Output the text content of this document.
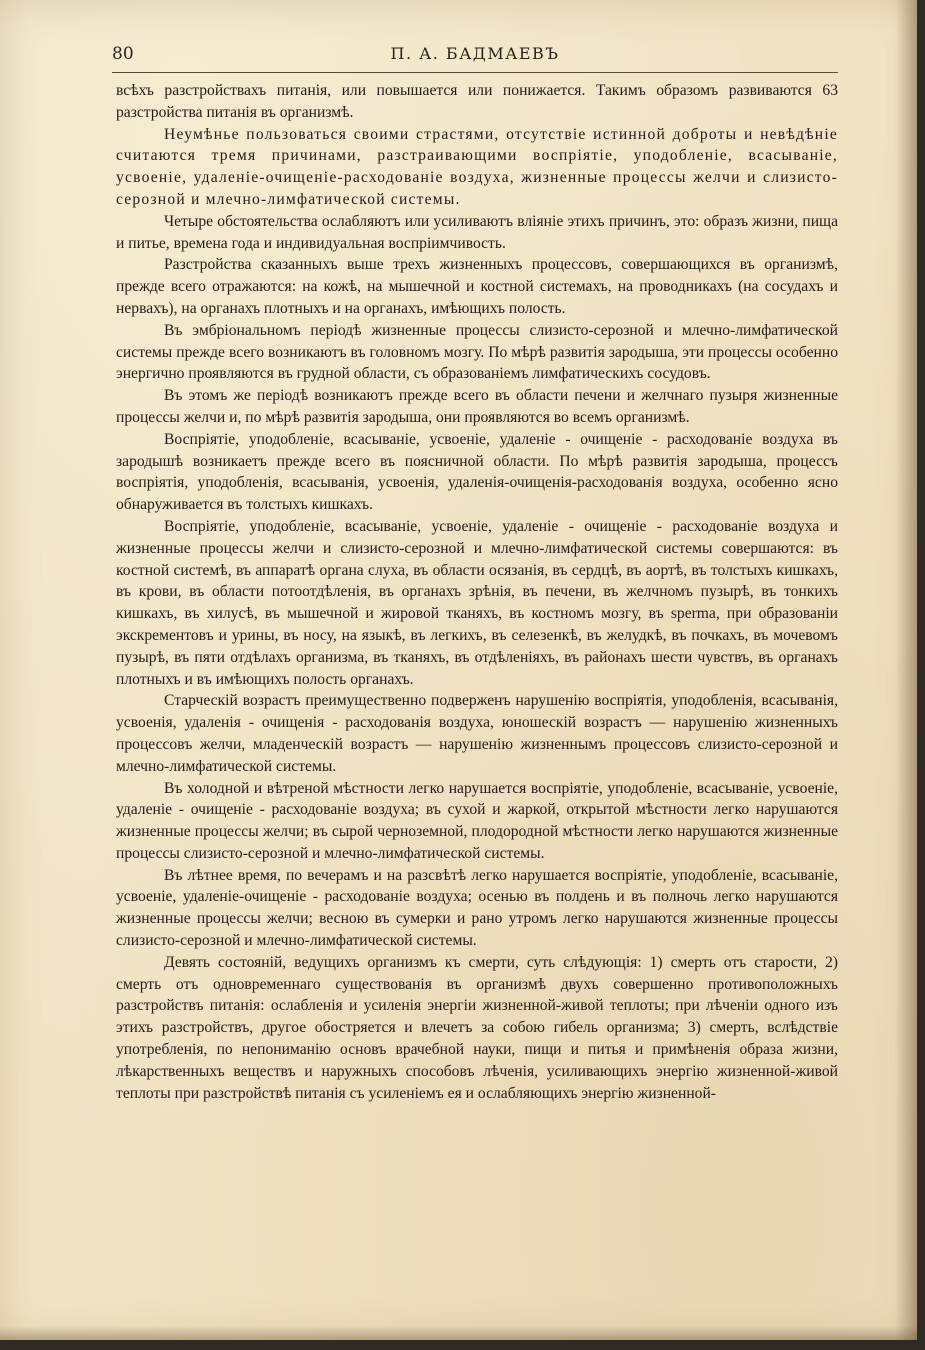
80	П. А. БАДМАЕВЪ

всѣхъ разстройствахъ питанія, или повышается или понижается. Такимъ образомъ развиваются 63 разстройства питанія въ организмѣ.

Неумѣнье пользоваться своими страстями, отсутствіе истинной доброты и невѣдѣніе считаются тремя причинами, разстраивающими воспріятіе, уподобленіе, всасываніе, усвоеніе, удаленіе-очищеніе-расходованіе воздуха, жизненные процессы желчи и слизисто-серозной и млечно-лимфатической системы.

Четыре обстоятельства ослабляютъ или усиливаютъ вліяніе этихъ причинъ, это: образъ жизни, пища и питье, времена года и индивидуальная воспріимчивость.

Разстройства сказанныхъ выше трехъ жизненныхъ процессовъ, совершающихся въ организмѣ, прежде всего отражаются: на кожѣ, на мышечной и костной системахъ, на проводникахъ (на сосудахъ и нервахъ), на органахъ плотныхъ и на органахъ, имѣющихъ полость.

Въ эмбріональномъ періодѣ жизненные процессы слизисто-серозной и млечно-лимфатической системы прежде всего возникаютъ въ головномъ мозгу. По мѣрѣ развитія зародыша, эти процессы особенно энергично проявляются въ грудной области, съ образованіемъ лимфатическихъ сосудовъ.

Въ этомъ же періодѣ возникаютъ прежде всего въ области печени и желчнаго пузыря жизненные процессы желчи и, по мѣрѣ развитія зародыша, они проявляются во всемъ организмѣ.

Воспріятіе, уподобленіе, всасываніе, усвоеніе, удаленіе - очищеніе - расходованіе воздуха въ зародышѣ возникаетъ прежде всего въ поясничной области. По мѣрѣ развитія зародыша, процессъ воспріятія, уподобленія, всасыванія, усвоенія, удаленія-очищенія-расходованія воздуха, особенно ясно обнаруживается въ толстыхъ кишкахъ.

Воспріятіе, уподобленіе, всасываніе, усвоеніе, удаленіе - очищеніе - расходованіе воздуха и жизненные процессы желчи и слизисто-серозной и млечно-лимфатической системы совершаются: въ костной системѣ, въ аппаратѣ органа слуха, въ области осязанія, въ сердцѣ, въ аортѣ, въ толстыхъ кишкахъ, въ крови, въ области потоотдѣленія, въ органахъ зрѣнія, въ печени, въ желчномъ пузырѣ, въ тонкихъ кишкахъ, въ хилусѣ, въ мышечной и жировой тканяхъ, въ костномъ мозгу, въ sperma, при образованіи экскрементовъ и урины, въ носу, на языкѣ, въ легкихъ, въ селезенкѣ, въ желудкѣ, въ почкахъ, въ мочевомъ пузырѣ, въ пяти отдѣлахъ организма, въ тканяхъ, въ отдѣленіяхъ, въ районахъ шести чувствъ, въ органахъ плотныхъ и въ имѣющихъ полость органахъ.

Старческій возрастъ преимущественно подверженъ нарушенію воспріятія, уподобленія, всасыванія, усвоенія, удаленія - очищенія - расходованія воздуха, юношескій возрастъ — нарушенію жизненныхъ процессовъ желчи, младенческій возрастъ — нарушенію жизненнымъ процессовъ слизисто-серозной и млечно-лимфатической системы.

Въ холодной и вѣтреной мѣстности легко нарушается воспріятіе, уподобленіе, всасываніе, усвоеніе, удаленіе - очищеніе - расходованіе воздуха; въ сухой и жаркой, открытой мѣстности легко нарушаются жизненные процессы желчи; въ сырой черноземной, плодородной мѣстности легко нарушаются жизненные процессы слизисто-серозной и млечно-лимфатической системы.

Въ лѣтнее время, по вечерамъ и на разсвѣтѣ легко нарушается воспріятіе, уподобленіе, всасываніе, усвоеніе, удаленіе-очищеніе - расходованіе воздуха; осенью въ полдень и въ полночь легко нарушаются жизненные процессы желчи; весною въ сумерки и рано утромъ легко нарушаются жизненные процессы слизисто-серозной и млечно-лимфатической системы.

Девять состояній, ведущихъ организмъ къ смерти, суть слѣдующія: 1) смерть отъ старости, 2) смерть отъ одновременнаго существованія въ организмѣ двухъ совершенно противоположныхъ разстройствъ питанія: ослабленія и усиленія энергіи жизненной-живой теплоты; при лѣченіи одного изъ этихъ разстройствъ, другое обостряется и влечетъ за собою гибель организма; 3) смерть, вслѣдствіе употребленія, по непониманію основъ врачебной науки, пищи и питья и примѣненія образа жизни, лѣкарственныхъ веществъ и наружныхъ способовъ лѣченія, усиливающихъ энергію жизненной-живой теплоты при разстройствѣ питанія съ усиленіемъ ея и ослабляющихъ энергію жизненной-
